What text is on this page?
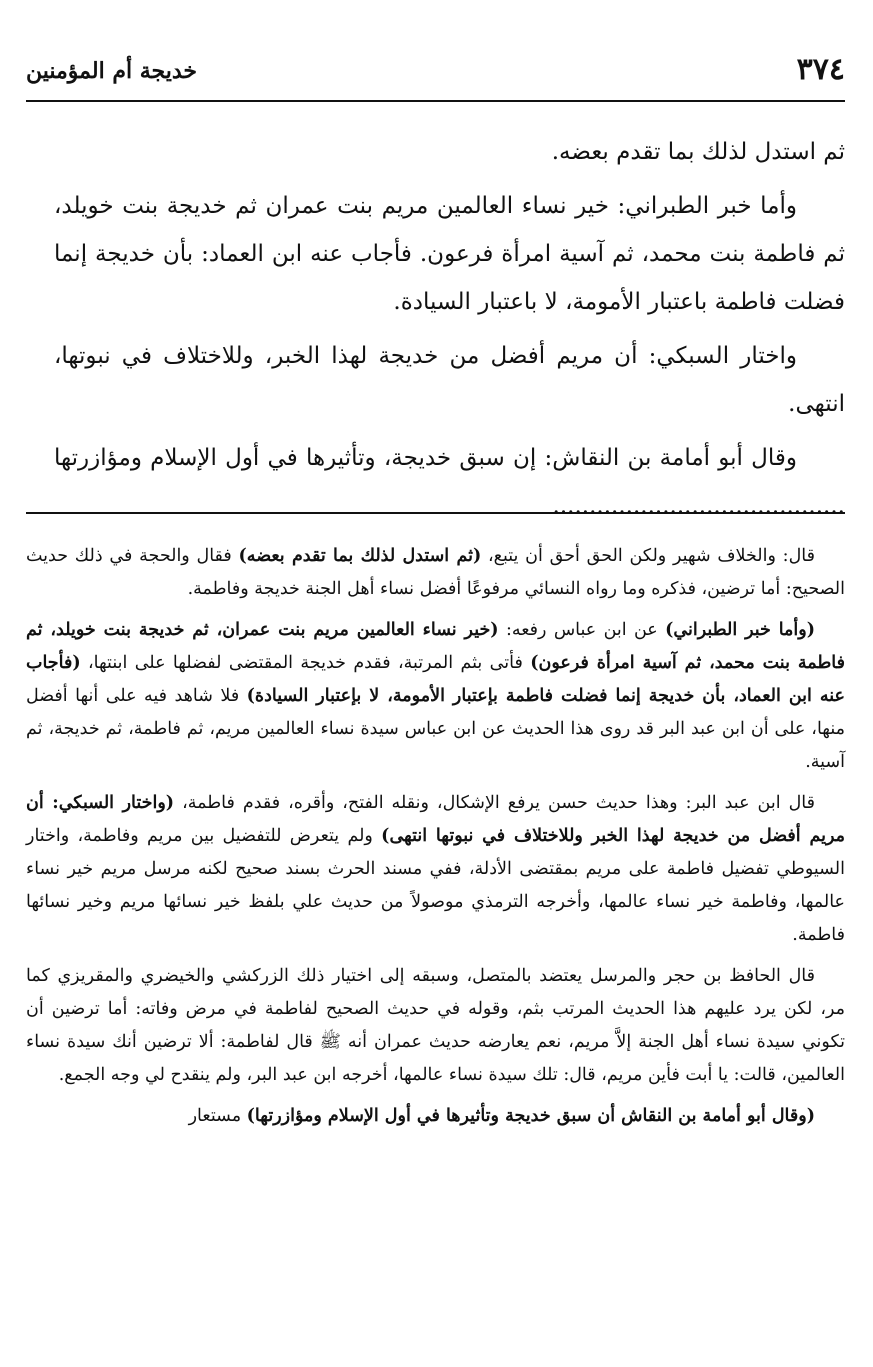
٣٧٤
خديجة أم المؤمنين

ثم استدل لذلك بما تقدم بعضه.

وأما خبر الطبراني: خير نساء العالمين مريم بنت عمران ثم خديجة بنت خويلد، ثم فاطمة بنت محمد، ثم آسية امرأة فرعون. فأجاب عنه ابن العماد: بأن خديجة إنما فضلت فاطمة باعتبار الأمومة، لا باعتبار السيادة.

واختار السبكي: أن مريم أفضل من خديجة لهذا الخبر، وللاختلاف في نبوتها، انتهى.

وقال أبو أمامة بن النقاش: إن سبق خديجة، وتأثيرها في أول الإسلام ومؤازرتها ........................................

قال: والخلاف شهير ولكن الحق أحق أن يتبع، (ثم استدل لذلك بما تقدم بعضه) فقال والحجة في ذلك حديث الصحيح: أما ترضين، فذكره وما رواه النسائي مرفوعًا أفضل نساء أهل الجنة خديجة وفاطمة.

(وأما خبر الطبراني) عن ابن عباس رفعه: (خير نساء العالمين مريم بنت عمران، ثم خديجة بنت خويلد، ثم فاطمة بنت محمد، ثم آسية امرأة فرعون) فأتى بثم المرتبة، فقدم خديجة المقتضى لفضلها على ابنتها، (فأجاب عنه ابن العماد، بأن خديجة إنما فضلت فاطمة بإعتبار الأمومة، لا بإعتبار السيادة) فلا شاهد فيه على أنها أفضل منها، على أن ابن عبد البر قد روى هذا الحديث عن ابن عباس سيدة نساء العالمين مريم، ثم فاطمة، ثم خديجة، ثم آسية.

قال ابن عبد البر: وهذا حديث حسن يرفع الإشكال، ونقله الفتح، وأقره، فقدم فاطمة، (واختار السبكي: أن مريم أفضل من خديجة لهذا الخبر وللاختلاف في نبوتها انتهى) ولم يتعرض للتفضيل بين مريم وفاطمة، واختار السيوطي تفضيل فاطمة على مريم بمقتضى الأدلة، ففي مسند الحرث بسند صحيح لكنه مرسل مريم خير نساء عالمها، وفاطمة خير نساء عالمها، وأخرجه الترمذي موصولاً من حديث علي بلفظ خير نسائها مريم وخير نسائها فاطمة.

قال الحافظ بن حجر والمرسل يعتضد بالمتصل، وسبقه إلى اختيار ذلك الزركشي والخيضري والمقريزي كما مر، لكن يرد عليهم هذا الحديث المرتب بثم، وقوله في حديث الصحيح لفاطمة في مرض وفاته: أما ترضين أن تكوني سيدة نساء أهل الجنة إلاَّ مريم، نعم يعارضه حديث عمران أنه ﷺ قال لفاطمة: ألا ترضين أنك سيدة نساء العالمين، قالت: يا أبت فأين مريم، قال: تلك سيدة نساء عالمها، أخرجه ابن عبد البر، ولم ينقدح لي وجه الجمع.

(وقال أبو أمامة بن النقاش أن سبق خديجة وتأثيرها في أول الإسلام ومؤازرتها) مستعار
